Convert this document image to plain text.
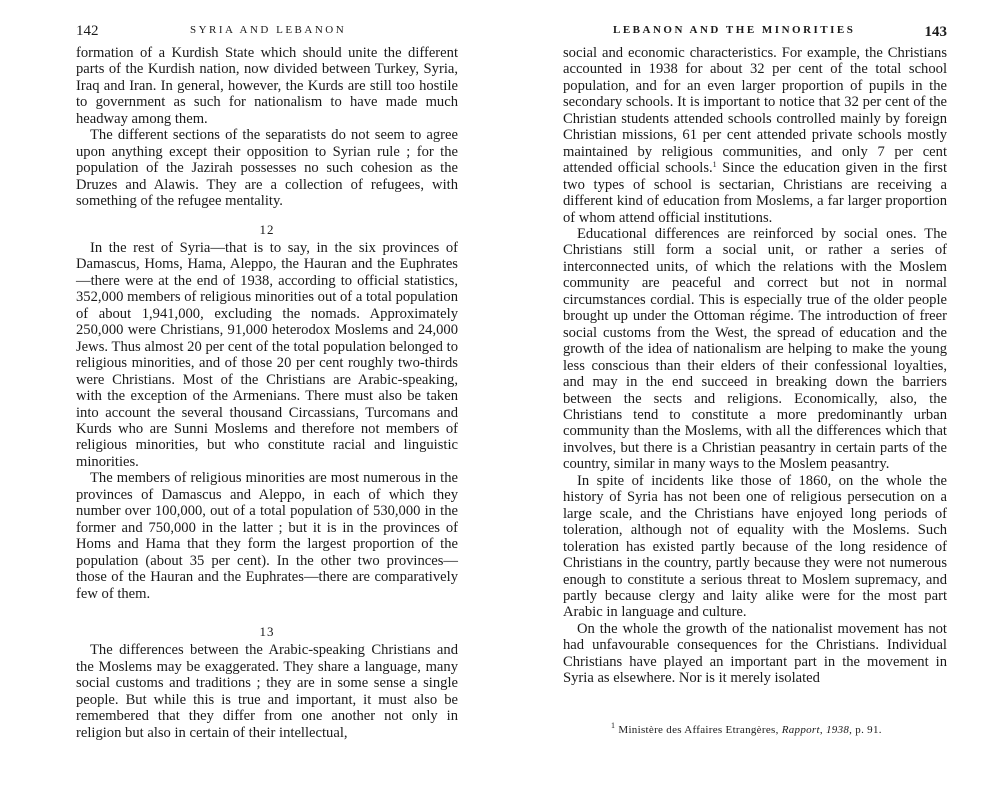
142	SYRIA AND LEBANON

formation of a Kurdish State which should unite the different parts of the Kurdish nation, now divided between Turkey, Syria, Iraq and Iran. In general, however, the Kurds are still too hostile to government as such for nationalism to have made much headway among them.

The different sections of the separatists do not seem to agree upon anything except their opposition to Syrian rule ; for the population of the Jazirah possesses no such cohesion as the Druzes and Alawis. They are a collection of refugees, with something of the refugee mentality.

12

In the rest of Syria—that is to say, in the six provinces of Damascus, Homs, Hama, Aleppo, the Hauran and the Euphrates—there were at the end of 1938, according to official statistics, 352,000 members of religious minorities out of a total population of about 1,941,000, excluding the nomads. Approximately 250,000 were Christians, 91,000 heterodox Moslems and 24,000 Jews. Thus almost 20 per cent of the total population belonged to religious minorities, and of those 20 per cent roughly two-thirds were Christians. Most of the Christians are Arabic-speaking, with the exception of the Armenians. There must also be taken into account the several thousand Circassians, Turcomans and Kurds who are Sunni Moslems and therefore not members of religious minorities, but who constitute racial and linguistic minorities.

The members of religious minorities are most numerous in the provinces of Damascus and Aleppo, in each of which they number over 100,000, out of a total population of 530,000 in the former and 750,000 in the latter ; but it is in the provinces of Homs and Hama that they form the largest proportion of the population (about 35 per cent). In the other two provinces—those of the Hauran and the Euphrates—there are comparatively few of them.

13

The differences between the Arabic-speaking Christians and the Moslems may be exaggerated. They share a language, many social customs and traditions ; they are in some sense a single people. But while this is true and important, it must also be remembered that they differ from one another not only in religion but also in certain of their intellectual,

LEBANON AND THE MINORITIES	143

social and economic characteristics. For example, the Christians accounted in 1938 for about 32 per cent of the total school population, and for an even larger proportion of pupils in the secondary schools. It is important to notice that 32 per cent of the Christian students attended schools controlled mainly by foreign Christian missions, 61 per cent attended private schools mostly maintained by religious communities, and only 7 per cent attended official schools.$^1$ Since the education given in the first two types of school is sectarian, Christians are receiving a different kind of education from Moslems, a far larger proportion of whom attend official institutions.

Educational differences are reinforced by social ones. The Christians still form a social unit, or rather a series of interconnected units, of which the relations with the Moslem community are peaceful and correct but not in normal circumstances cordial. This is especially true of the older people brought up under the Ottoman régime. The introduction of freer social customs from the West, the spread of education and the growth of the idea of nationalism are helping to make the young less conscious than their elders of their confessional loyalties, and may in the end succeed in breaking down the barriers between the sects and religions. Economically, also, the Christians tend to constitute a more predominantly urban community than the Moslems, with all the differences which that involves, but there is a Christian peasantry in certain parts of the country, similar in many ways to the Moslem peasantry.

In spite of incidents like those of 1860, on the whole the history of Syria has not been one of religious persecution on a large scale, and the Christians have enjoyed long periods of toleration, although not of equality with the Moslems. Such toleration has existed partly because of the long residence of Christians in the country, partly because they were not numerous enough to constitute a serious threat to Moslem supremacy, and partly because clergy and laity alike were for the most part Arabic in language and culture.

On the whole the growth of the nationalist movement has not had unfavourable consequences for the Christians. Individual Christians have played an important part in the movement in Syria as elsewhere. Nor is it merely isolated

$^1$ Ministère des Affaires Etrangères, Rapport, 1938, p. 91.
